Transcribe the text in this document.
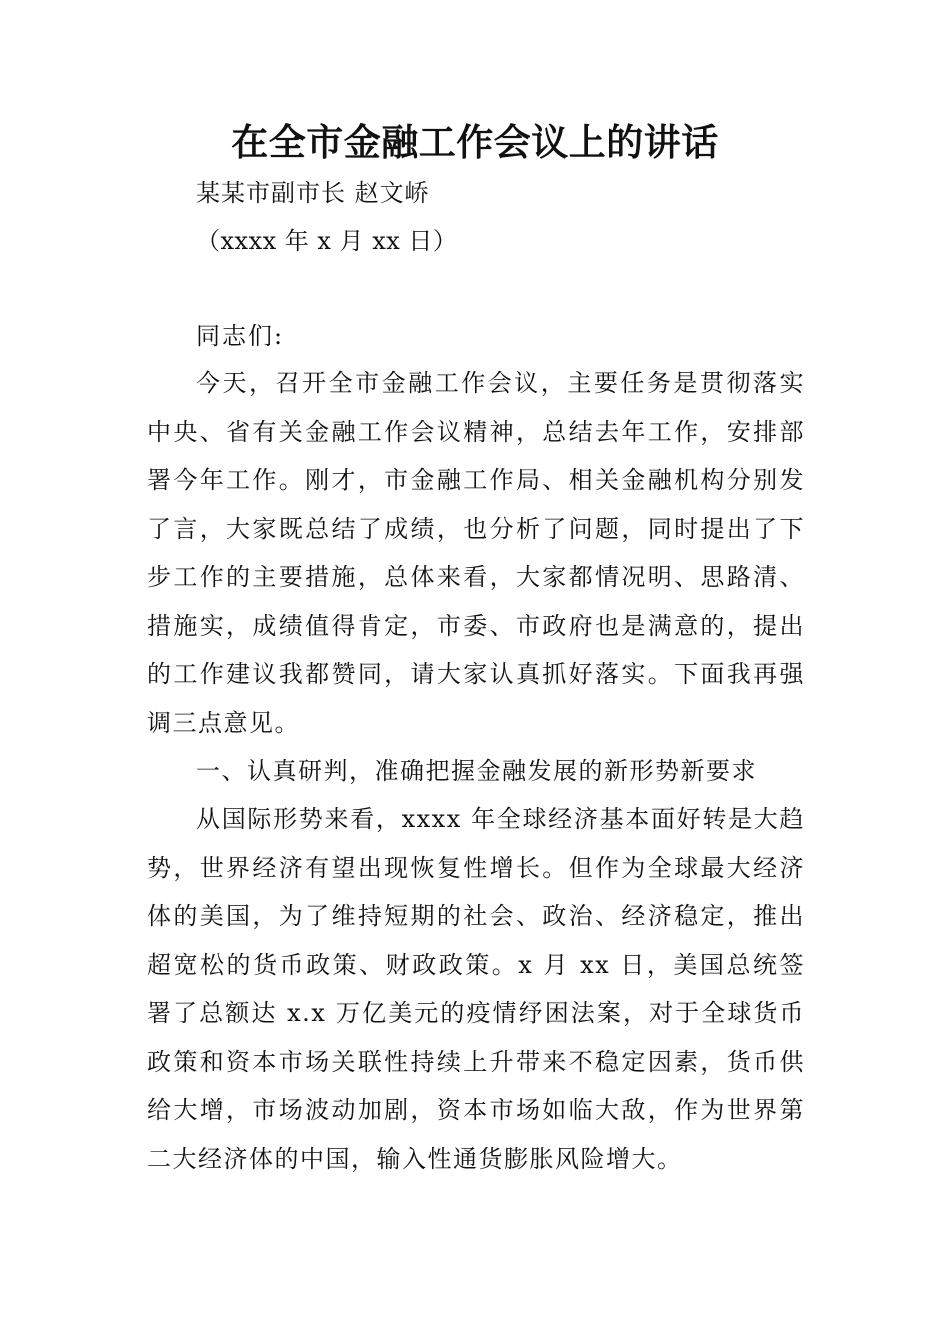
在全市金融工作会议上的讲话
某某市副市长 赵文峤
（xxxx 年 x 月 xx 日）
同志们:

今天，召开全市金融工作会议，主要任务是贯彻落实中央、省有关金融工作会议精神，总结去年工作，安排部署今年工作。刚才，市金融工作局、相关金融机构分别发了言，大家既总结了成绩，也分析了问题，同时提出了下步工作的主要措施，总体来看，大家都情况明、思路清、措施实，成绩值得肯定，市委、市政府也是满意的，提出的工作建议我都赞同，请大家认真抓好落实。下面我再强调三点意见。

一、认真研判，准确把握金融发展的新形势新要求

从国际形势来看，xxxx 年全球经济基本面好转是大趋势，世界经济有望出现恢复性增长。但作为全球最大经济体的美国，为了维持短期的社会、政治、经济稳定，推出超宽松的货币政策、财政政策。x 月 xx 日，美国总统签署了总额达 x.x 万亿美元的疫情纾困法案，对于全球货币政策和资本市场关联性持续上升带来不稳定因素，货币供给大增，市场波动加剧，资本市场如临大敌，作为世界第二大经济体的中国，输入性通货膨胀风险增大。
